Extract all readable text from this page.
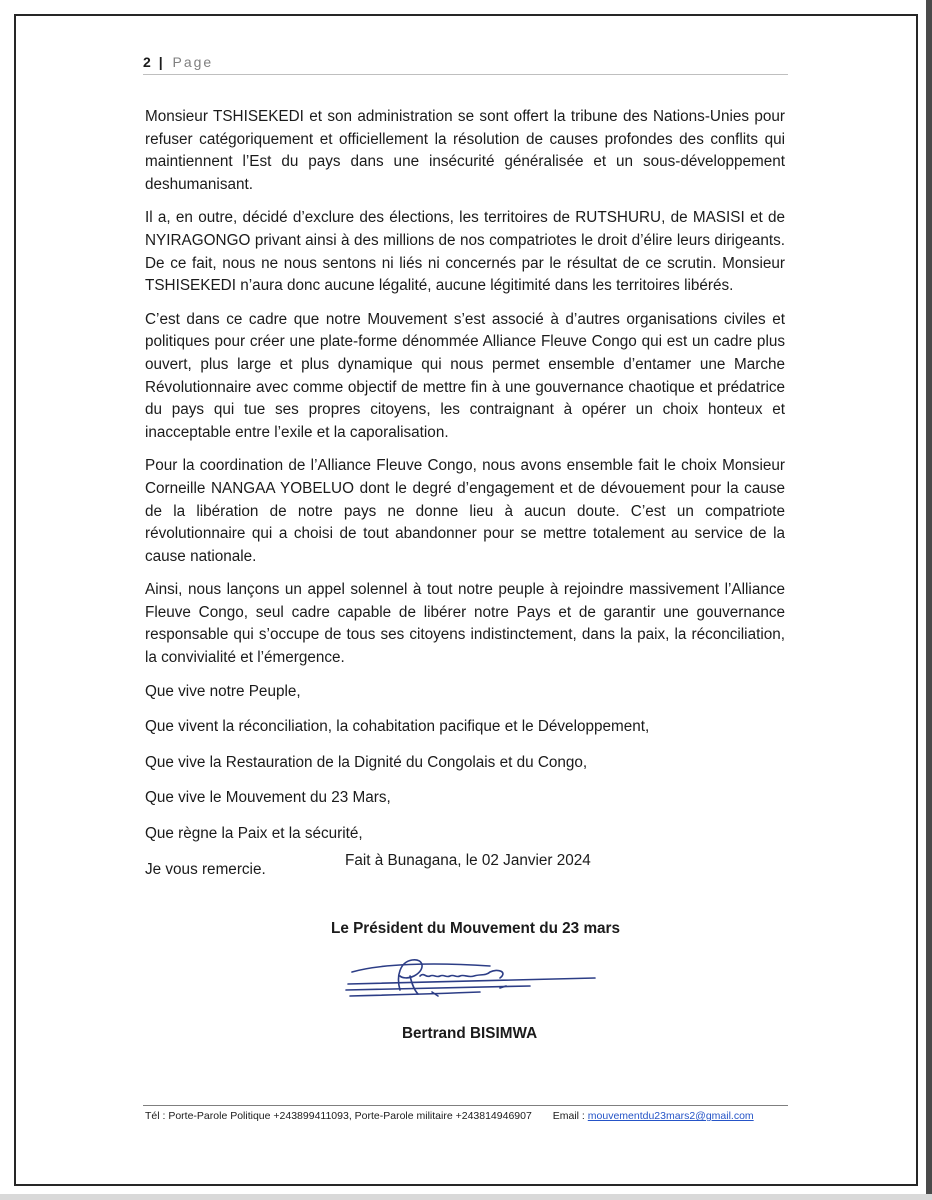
2 | Page

Monsieur TSHISEKEDI et son administration se sont offert la tribune des Nations-Unies pour refuser catégoriquement et officiellement la résolution de causes profondes des conflits qui maintiennent l’Est du pays dans une insécurité généralisée et un sous-développement deshumanisant.

Il a, en outre, décidé d’exclure des élections, les territoires de RUTSHURU, de MASISI et de NYIRAGONGO privant ainsi à des millions de nos compatriotes le droit d’élire leurs dirigeants. De ce fait, nous ne nous sentons ni liés ni concernés par le résultat de ce scrutin. Monsieur TSHISEKEDI n’aura donc aucune légalité, aucune légitimité dans les territoires libérés.

C’est dans ce cadre que notre Mouvement s’est associé à d’autres organisations civiles et politiques pour créer une plate-forme dénommée Alliance Fleuve Congo qui est un cadre plus ouvert, plus large et plus dynamique qui nous permet ensemble d’entamer une Marche Révolutionnaire avec comme objectif de mettre fin à une gouvernance chaotique et prédatrice du pays qui tue ses propres citoyens, les contraignant à opérer un choix honteux et inacceptable entre l’exile et la caporalisation.

Pour la coordination de l’Alliance Fleuve Congo, nous avons ensemble fait le choix Monsieur Corneille NANGAA YOBELUO dont le degré d’engagement et de dévouement pour la cause de la libération de notre pays ne donne lieu à aucun doute. C’est un compatriote révolutionnaire qui a choisi de tout abandonner pour se mettre totalement au service de la cause nationale.

Ainsi, nous lançons un appel solennel à tout notre peuple à rejoindre massivement l’Alliance Fleuve Congo, seul cadre capable de libérer notre Pays et de garantir une gouvernance responsable qui s’occupe de tous ses citoyens indistinctement, dans la paix, la réconciliation, la convivialité et l’émergence.

Que vive notre Peuple,

Que vivent la réconciliation, la cohabitation pacifique et le Développement,

Que vive la Restauration de la Dignité du Congolais et du Congo,

Que vive le Mouvement du 23 Mars,

Que règne la Paix et la sécurité,

Je vous remercie.

Fait à Bunagana, le 02 Janvier 2024
Le Président du Mouvement du 23 mars
Bertrand BISIMWA
Tél : Porte-Parole Politique +243899411093, Porte-Parole militaire +243814946907 Email : mouvementdu23mars2@gmail.com
